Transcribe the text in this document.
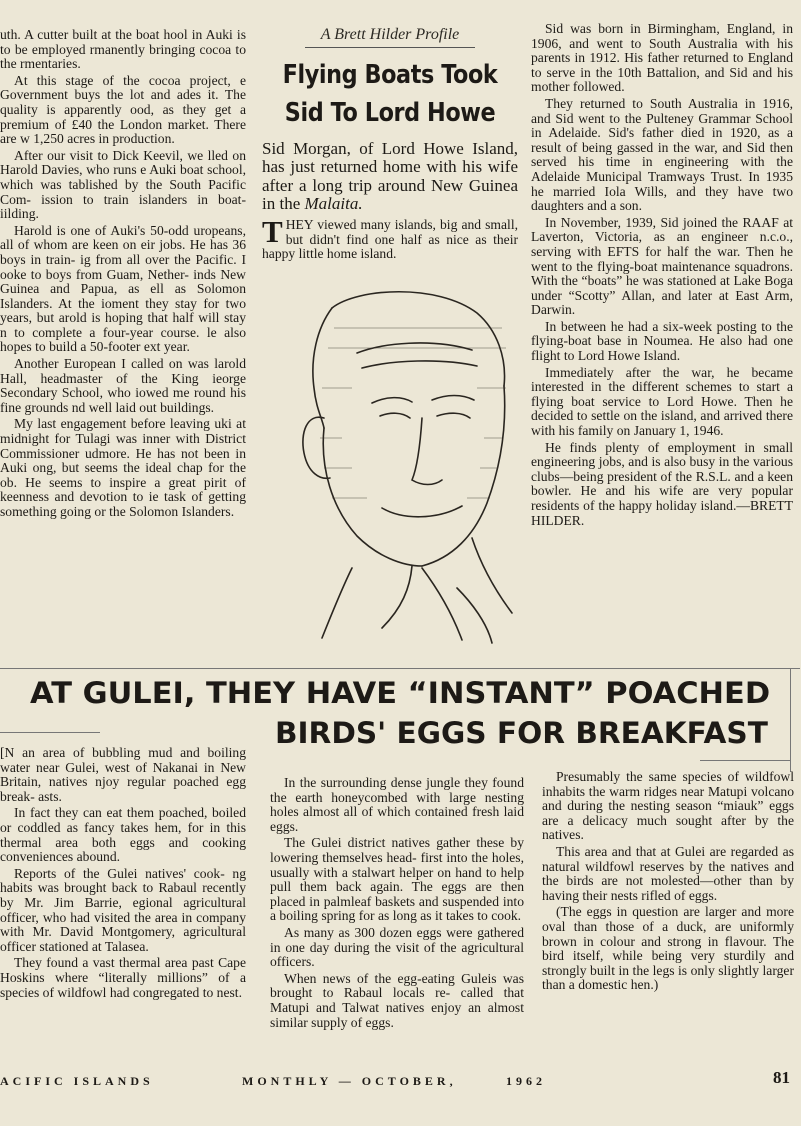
uth. A cutter built at the boat hool in Auki is to be employed rmanently bringing cocoa to the rmentaries.

At this stage of the cocoa project, e Government buys the lot and ades it. The quality is apparently ood, as they get a premium of £40 the London market. There are w 1,250 acres in production.

After our visit to Dick Keevil, we lled on Harold Davies, who runs e Auki boat school, which was tablished by the South Pacific Com- ission to train islanders in boat- iilding.

Harold is one of Auki's 50-odd uropeans, all of whom are keen on eir jobs. He has 36 boys in train- ig from all over the Pacific. I ooke to boys from Guam, Nether- inds New Guinea and Papua, as ell as Solomon Islanders. At the ioment they stay for two years, but arold is hoping that half will stay n to complete a four-year course. le also hopes to build a 50-footer ext year.

Another European I called on was larold Hall, headmaster of the King ieorge Secondary School, who iowed me round his fine grounds nd well laid out buildings.

My last engagement before leaving uki at midnight for Tulagi was inner with District Commissioner udmore. He has not been in Auki ong, but seems the ideal chap for the ob. He seems to inspire a great pirit of keenness and devotion to ie task of getting something going or the Solomon Islanders.

A Brett Hilder Profile

Flying Boats Took Sid To Lord Howe

Sid Morgan, of Lord Howe Island, has just returned home with his wife after a long trip around New Guinea in the Malaita.

THEY viewed many islands, big and small, but didn't find one half as nice as their happy little home island.

Sid was born in Birmingham, England, in 1906, and went to South Australia with his parents in 1912. His father returned to England to serve in the 10th Battalion, and Sid and his mother followed.

They returned to South Australia in 1916, and Sid went to the Pulteney Grammar School in Adelaide. Sid's father died in 1920, as a result of being gassed in the war, and Sid then served his time in engineering with the Adelaide Municipal Tramways Trust. In 1935 he married Iola Wills, and they have two daughters and a son.

In November, 1939, Sid joined the RAAF at Laverton, Victoria, as an engineer n.c.o., serving with EFTS for half the war. Then he went to the flying-boat maintenance squadrons. With the “boats” he was stationed at Lake Boga under “Scotty” Allan, and later at East Arm, Darwin.

In between he had a six-week posting to the flying-boat base in Noumea. He also had one flight to Lord Howe Island.

Immediately after the war, he became interested in the different schemes to start a flying boat service to Lord Howe. Then he decided to settle on the island, and arrived there with his family on January 1, 1946.

He finds plenty of employment in small engineering jobs, and is also busy in the various clubs—being president of the R.S.L. and a keen bowler. He and his wife are very popular residents of the happy holiday island.—BRETT HILDER.

AT GULEI, THEY HAVE “INSTANT” POACHED
BIRDS' EGGS FOR BREAKFAST

[N an area of bubbling mud and boiling water near Gulei, west of Nakanai in New Britain, natives njoy regular poached egg break- asts.

In fact they can eat them poached, boiled or coddled as fancy takes hem, for in this thermal area both eggs and cooking conveniences abound.

Reports of the Gulei natives' cook- ng habits was brought back to Rabaul recently by Mr. Jim Barrie, egional agricultural officer, who had visited the area in company with Mr. David Montgomery, agricultural officer stationed at Talasea.

They found a vast thermal area past Cape Hoskins where “literally millions” of a species of wildfowl had congregated to nest.

In the surrounding dense jungle they found the earth honeycombed with large nesting holes almost all of which contained fresh laid eggs.

The Gulei district natives gather these by lowering themselves head- first into the holes, usually with a stalwart helper on hand to help pull them back again. The eggs are then placed in palmleaf baskets and suspended into a boiling spring for as long as it takes to cook.

As many as 300 dozen eggs were gathered in one day during the visit of the agricultural officers.

When news of the egg-eating Guleis was brought to Rabaul locals re- called that Matupi and Talwat natives enjoy an almost similar supply of eggs.

Presumably the same species of wildfowl inhabits the warm ridges near Matupi volcano and during the nesting season “miauk” eggs are a delicacy much sought after by the natives.

This area and that at Gulei are regarded as natural wildfowl reserves by the natives and the birds are not molested—other than by having their nests rifled of eggs.

(The eggs in question are larger and more oval than those of a duck, are uniformly brown in colour and strong in flavour. The bird itself, while being very sturdily and strongly built in the legs is only slightly larger than a domestic hen.)

ACIFIC ISLANDS	MONTHLY — OCTOBER,	1962	81
